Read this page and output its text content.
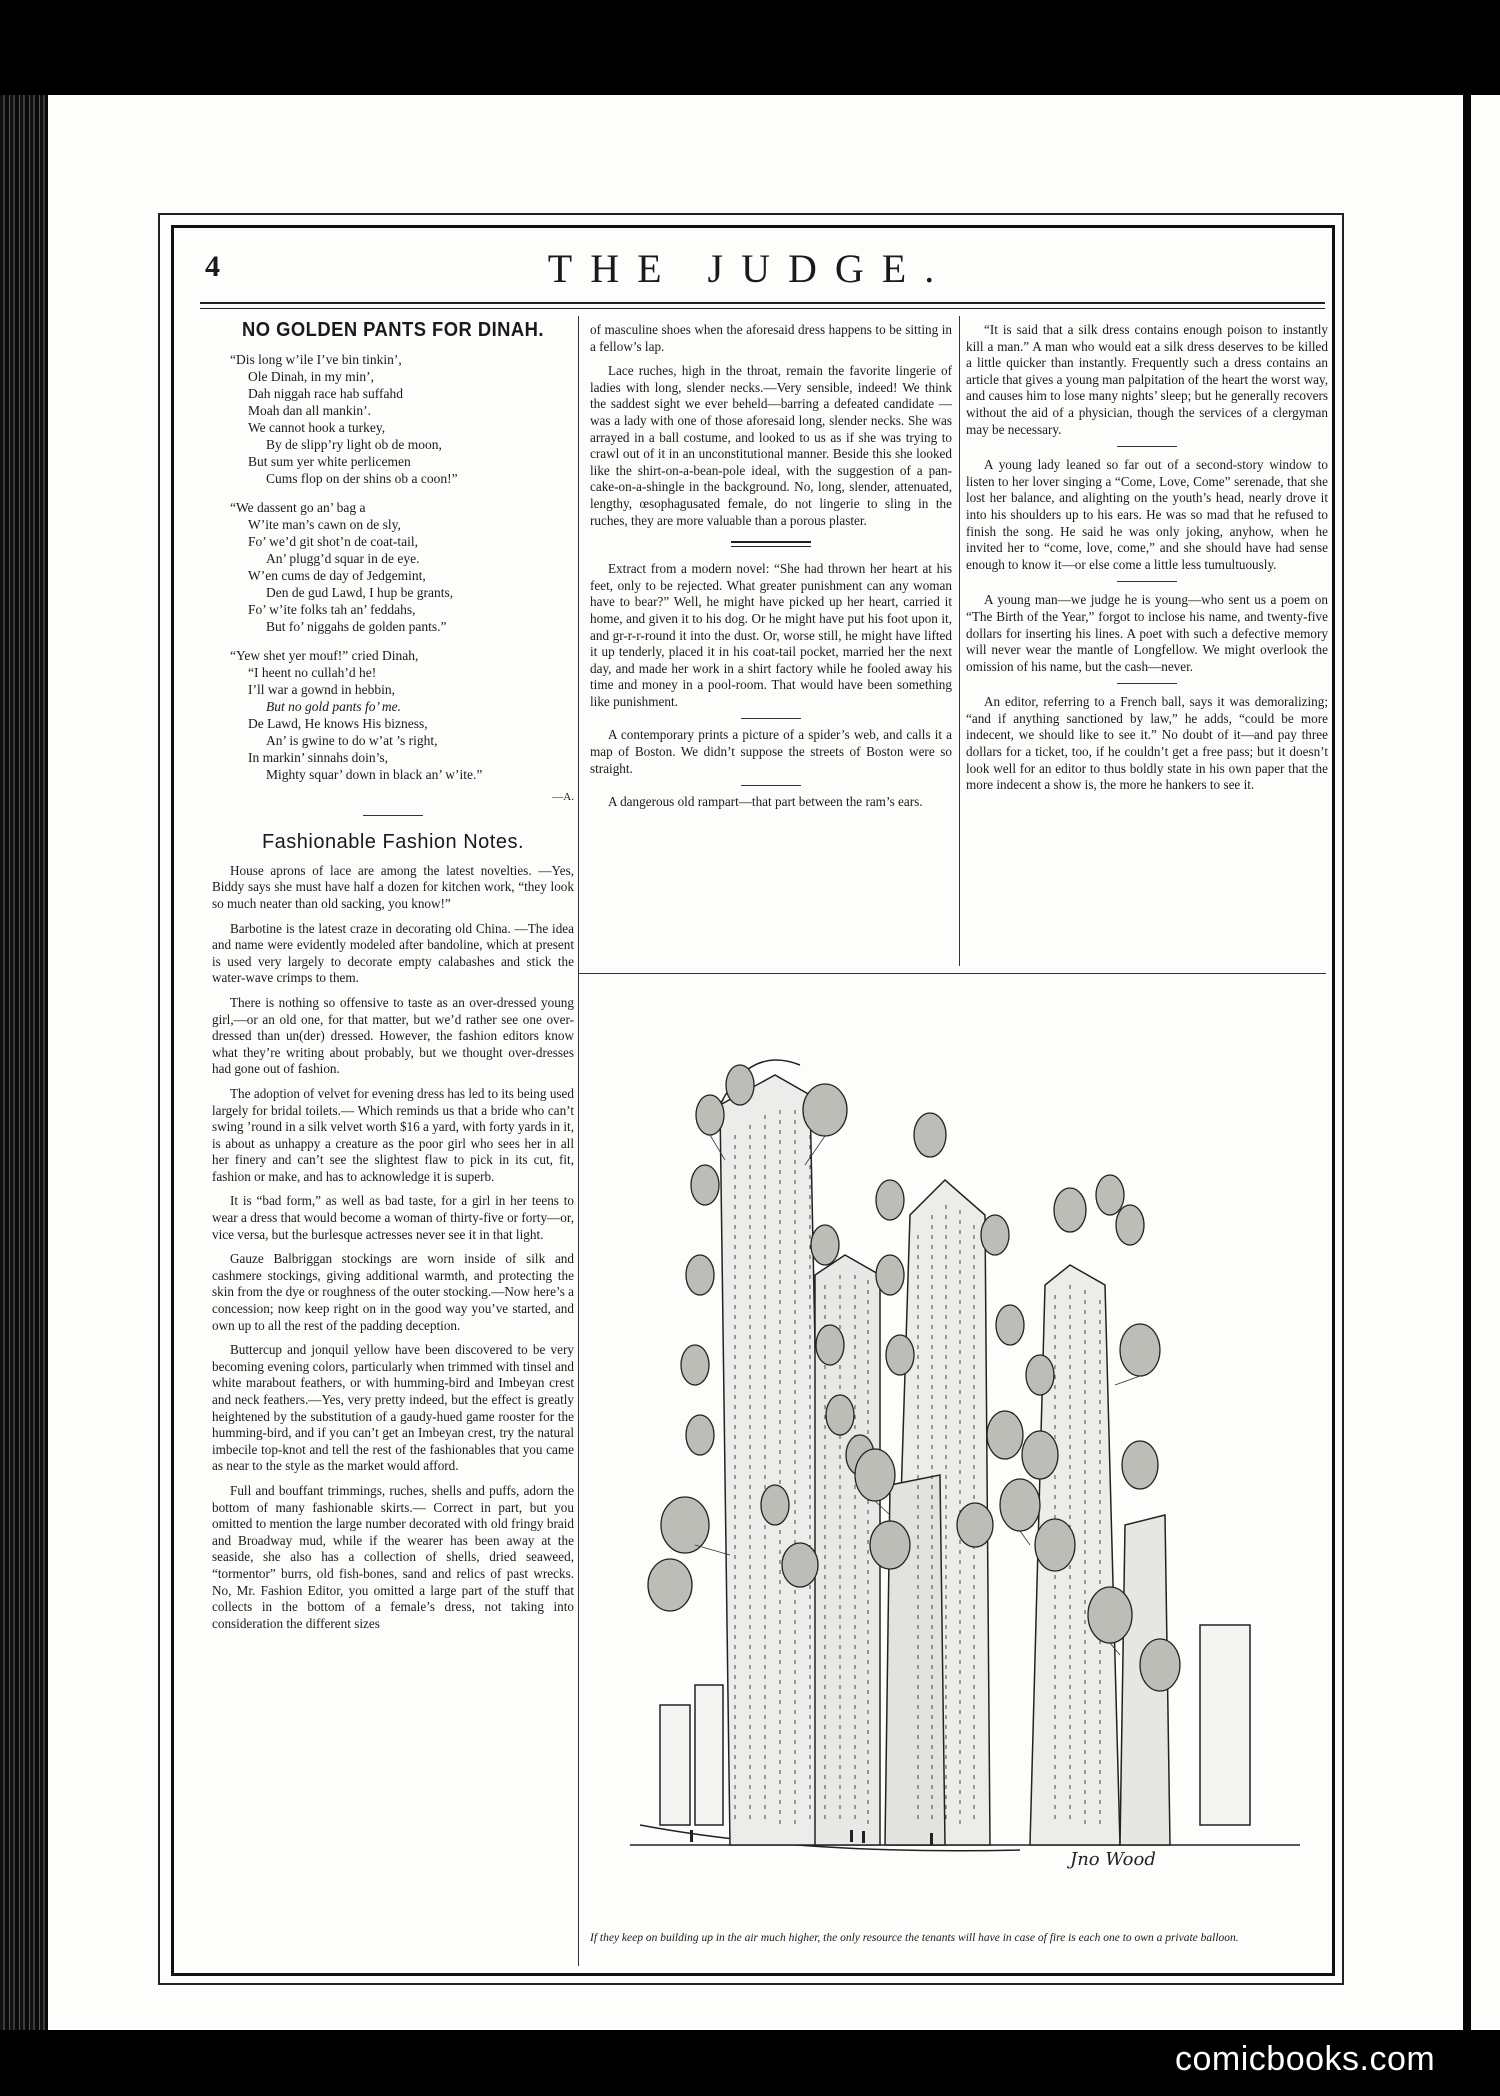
4	THE JUDGE.
NO GOLDEN PANTS FOR DINAH.
“Dis long w’ile I’ve bin tinkin’,
Ole Dinah, in my min’,
Dah niggah race hab suffahd
Moah dan all mankin’.
We cannot hook a turkey,
By de slipp’ry light ob de moon,
But sum yer white perlicemen
Cums flop on der shins ob a coon!”
“We dassent go an’ bag a
W’ite man’s cawn on de sly,
Fo’ we’d git shot’n de coat-tail,
An’ plugg’d squar in de eye.
W’en cums de day of Jedgemint,
Den de gud Lawd, I hup be grants,
Fo’ w’ite folks tah an’ feddahs,
But fo’ niggahs de golden pants.”
“Yew shet yer mouf!” cried Dinah,
“I heent no cullah’d he!
I’ll war a gownd in hebbin,
But no gold pants fo’ me.
De Lawd, He knows His bizness,
An’ is gwine to do w’at ’s right,
In markin’ sinnahs doin’s,
Mighty squar’ down in black an’ w’ite.”
—A.
Fashionable Fashion Notes.

House aprons of lace are among the latest novelties. —Yes, Biddy says she must have half a dozen for kitchen work, “they look so much neater than old sacking, you know!”

Barbotine is the latest craze in decorating old China. —The idea and name were evidently modeled after bandoline, which at present is used very largely to decorate empty calabashes and stick the water-wave crimps to them.

There is nothing so offensive to taste as an over-dressed young girl,—or an old one, for that matter, but we’d rather see one over-dressed than un(der) dressed. However, the fashion editors know what they’re writing about probably, but we thought over-dresses had gone out of fashion.

The adoption of velvet for evening dress has led to its being used largely for bridal toilets.— Which reminds us that a bride who can’t swing ’round in a silk velvet worth $16 a yard, with forty yards in it, is about as unhappy a creature as the poor girl who sees her in all her finery and can’t see the slightest flaw to pick in its cut, fit, fashion or make, and has to acknowledge it is superb.

It is “bad form,” as well as bad taste, for a girl in her teens to wear a dress that would become a woman of thirty-five or forty—or, vice versa, but the burlesque actresses never see it in that light.

Gauze Balbriggan stockings are worn inside of silk and cashmere stockings, giving additional warmth, and protecting the skin from the dye or roughness of the outer stocking.—Now here’s a concession; now keep right on in the good way you’ve started, and own up to all the rest of the padding deception.

Buttercup and jonquil yellow have been discovered to be very becoming evening colors, particularly when trimmed with tinsel and white marabout feathers, or with humming-bird and Imbeyan crest and neck feathers.—Yes, very pretty indeed, but the effect is greatly heightened by the substitution of a gaudy-hued game rooster for the humming-bird, and if you can’t get an Imbeyan crest, try the natural imbecile top-knot and tell the rest of the fashionables that you came as near to the style as the market would afford.

Full and bouffant trimmings, ruches, shells and puffs, adorn the bottom of many fashionable skirts.— Correct in part, but you omitted to mention the large number decorated with old fringy braid and Broadway mud, while if the wearer has been away at the seaside, she also has a collection of shells, dried seaweed, “tormentor” burrs, old fish-bones, sand and relics of past wrecks. No, Mr. Fashion Editor, you omitted a large part of the stuff that collects in the bottom of a female’s dress, not taking into consideration the different sizes

of masculine shoes when the aforesaid dress happens to be sitting in a fellow’s lap.

Lace ruches, high in the throat, remain the favorite lingerie of ladies with long, slender necks.—Very sensible, indeed! We think the saddest sight we ever beheld—barring a defeated candidate — was a lady with one of those aforesaid long, slender necks. She was arrayed in a ball costume, and looked to us as if she was trying to crawl out of it in an unconstitutional manner. Beside this she looked like the shirt-on-a-bean-pole ideal, with the suggestion of a pan-cake-on-a-shingle in the background. No, long, slender, attenuated, lengthy, œsophagusated female, do not lingerie to sling in the ruches, they are more valuable than a porous plaster.

Extract from a modern novel: “She had thrown her heart at his feet, only to be rejected. What greater punishment can any woman have to bear?” Well, he might have picked up her heart, carried it home, and given it to his dog. Or he might have put his foot upon it, and gr-r-r-round it into the dust. Or, worse still, he might have lifted it up tenderly, placed it in his coat-tail pocket, married her the next day, and made her work in a shirt factory while he fooled away his time and money in a pool-room. That would have been something like punishment.

A contemporary prints a picture of a spider’s web, and calls it a map of Boston. We didn’t suppose the streets of Boston were so straight.

A dangerous old rampart—that part between the ram’s ears.

“It is said that a silk dress contains enough poison to instantly kill a man.” A man who would eat a silk dress deserves to be killed a little quicker than instantly. Frequently such a dress contains an article that gives a young man palpitation of the heart the worst way, and causes him to lose many nights’ sleep; but he generally recovers without the aid of a physician, though the services of a clergyman may be necessary.

A young lady leaned so far out of a second-story window to listen to her lover singing a “Come, Love, Come” serenade, that she lost her balance, and alighting on the youth’s head, nearly drove it into his shoulders up to his ears. He was so mad that he refused to finish the song. He said he was only joking, anyhow, when he invited her to “come, love, come,” and she should have had sense enough to know it—or else come a little less tumultuously.

A young man—we judge he is young—who sent us a poem on “The Birth of the Year,” forgot to inclose his name, and twenty-five dollars for inserting his lines. A poet with such a defective memory will never wear the mantle of Longfellow. We might overlook the omission of his name, but the cash—never.

An editor, referring to a French ball, says it was demoralizing; “and if anything sanctioned by law,” he adds, “could be more indecent, we should like to see it.” No doubt of it—and pay three dollars for a ticket, too, if he couldn’t get a free pass; but it doesn’t look well for an editor to thus boldly state in his own paper that the more indecent a show is, the more he hankers to see it.

Jno Wood
If they keep on building up in the air much higher, the only resource the tenants will have in case of fire is each one to own a private balloon.
comicbooks.com
